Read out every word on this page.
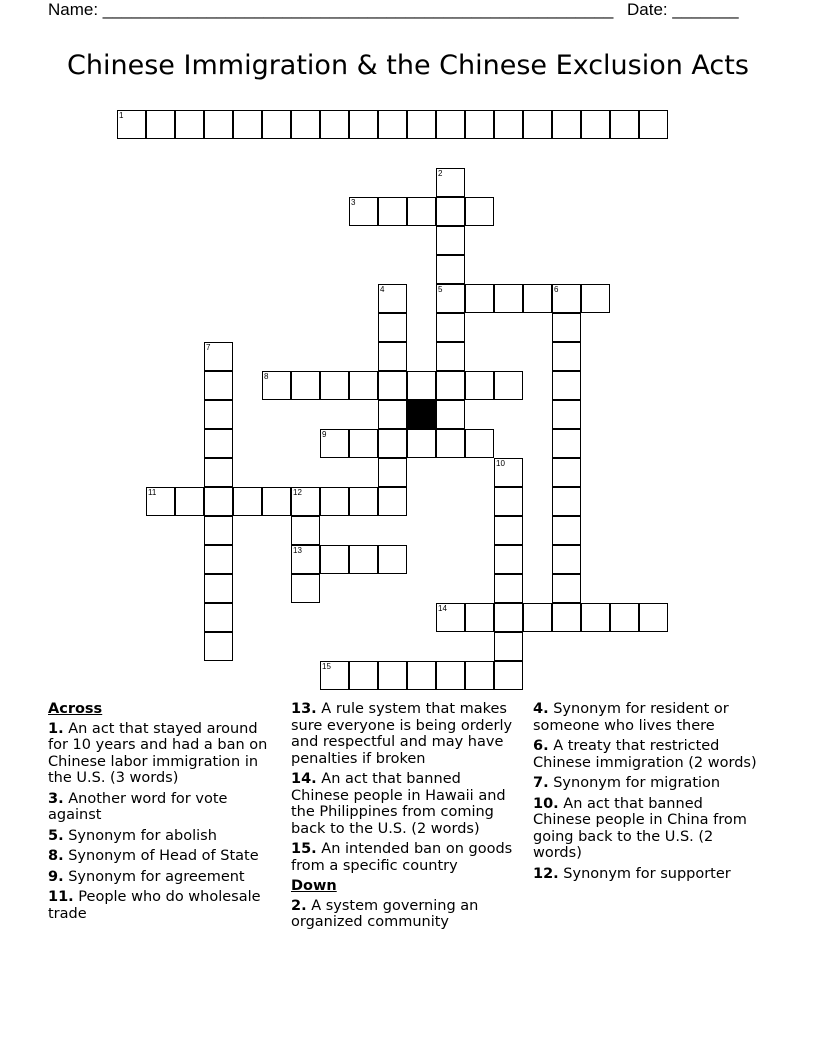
Name: ______________________________________________________ Date: _______
Chinese Immigration & the Chinese Exclusion Acts
1
2
3
4	5	6
7
8
9
10
11	12
13
14
15
Across
1. An act that stayed around for 10 years and had a ban on Chinese labor immigration in the U.S. (3 words)
3. Another word for vote against
5. Synonym for abolish
8. Synonym of Head of State
9. Synonym for agreement
11. People who do wholesale trade
13. A rule system that makes sure everyone is being orderly and respectful and may have penalties if broken
14. An act that banned Chinese people in Hawaii and the Philippines from coming back to the U.S. (2 words)
15. An intended ban on goods from a specific country
Down
2. A system governing an organized community
4. Synonym for resident or someone who lives there
6. A treaty that restricted Chinese immigration (2 words)
7. Synonym for migration
10. An act that banned Chinese people in China from going back to the U.S. (2 words)
12. Synonym for supporter
